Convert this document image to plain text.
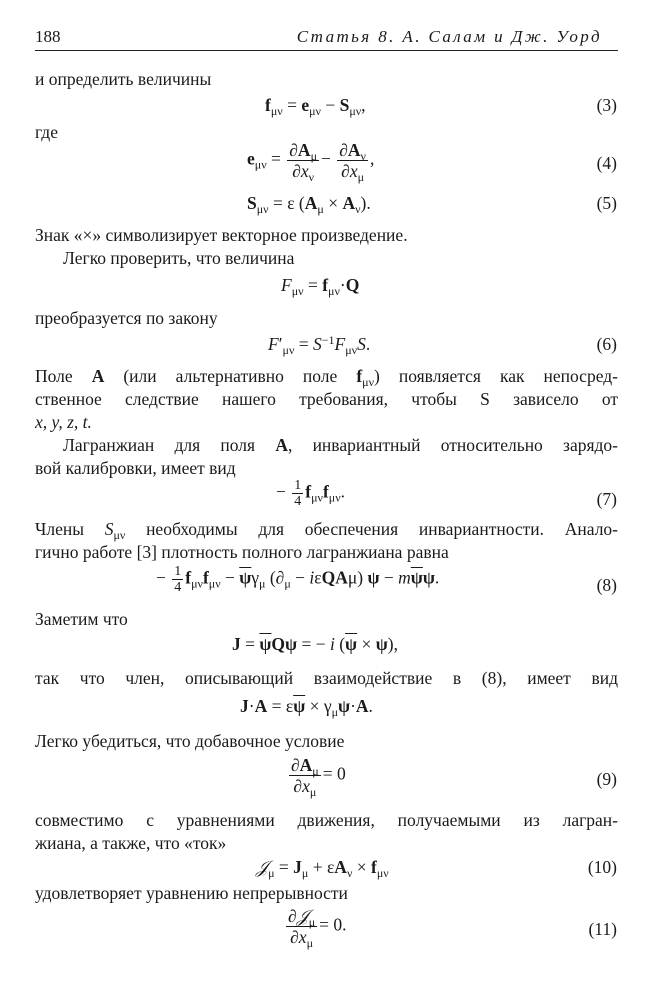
188	Статья 8. А. Салам и Дж. Уорд
и определить величины
$f_{\mu\nu} = e_{\mu\nu} - S_{\mu\nu}$,	(3)
где
$e_{\mu\nu} = \frac{\partial A_\mu}{\partial x_\nu} - \frac{\partial A_\nu}{\partial x_\mu}$ ,	(4)
$S_{\mu\nu} = \varepsilon$ $(A_\mu \times A_\nu)$.	(5)
Знак «×» символизирует векторное произведение.
Легко проверить, что величина
$F_{\mu\nu} = f_{\mu\nu}\cdot Q$
преобразуется по закону
$F'_{\mu\nu} = S^{-1}F_{\mu\nu}S$.	(6)
Поле A (или альтернативно поле $f_{\mu\nu}$) появляется как непосред-
ственное следствие нашего требования, чтобы S зависело от
x, y, z, t.
Лагранжиан для поля A, инвариантный относительно зарядо-
вой калибровки, имеет вид
− $\frac{1}{4} f_{\mu\nu}f_{\mu\nu}$.	(7)
Члены $S_{\mu\nu}$ необходимы для обеспечения инвариантности. Анало-
гично работе [3] плотность полного лагранжиана равна
− $\frac{1}{4} f_{\mu\nu}f_{\mu\nu} - \overline{\psi}\gamma_\mu$ $(\partial_\mu - i\varepsilon QA\mu) \psi - m\overline{\psi}\psi$.	(8)
Заметим что
$J = \overline{\psi}Q\psi$ = − i $(\overline{\psi} \times \psi)$,
так что член, описывающий взаимодействие в (8), имеет вид
$J\cdot A = \varepsilon\overline{\psi} \times \gamma_\mu\psi\cdot A$.
Легко убедиться, что добавочное условие
$\frac{\partial A_\mu}{\partial x_\mu} = 0$	(9)
совместимо с уравнениями движения, получаемыми из лагран-
жиана, а также, что «ток»
𝒥$_\mu$ = $J_\mu + \varepsilon A_\nu \times f_{\mu\nu}$	(10)
удовлетворяет уравнению непрерывности
$\frac{\partial 𝒥_\mu}{\partial x_\mu} = 0$.	(11)
